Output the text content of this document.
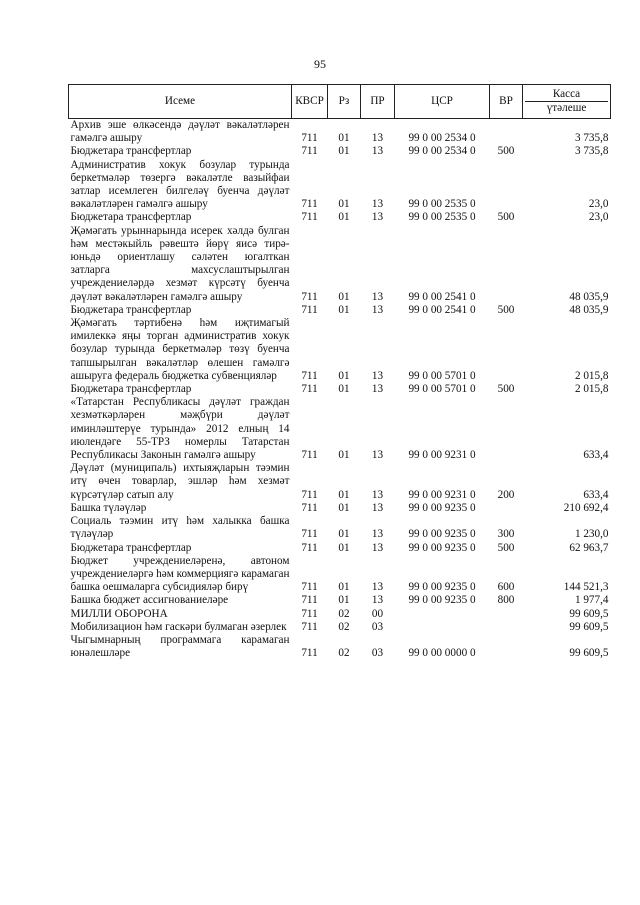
95
Исеме	КВСР	Рз	ПР	ЦСР	ВР	Касса
үтәлеше

Архив эше өлкәсендә дәүләт вәкаләтләрен гамәлгә ашыру	711	01	13	99 0 00 2534 0		3 735,8
Бюджетара трансфертлар	711	01	13	99 0 00 2534 0	500	3 735,8
Административ хокук бозулар турында беркетмәләр төзергә вәкаләтле вазыйфаи затлар исемлеген билгеләү буенча дәүләт вәкаләтләрен гамәлгә ашыру	711	01	13	99 0 00 2535 0		23,0
Бюджетара трансфертлар	711	01	13	99 0 00 2535 0	500	23,0
Җәмәгать урыннарында исерек хәлдә булган һәм местәкыйль рәвештә йөрү яисә тирә-юньдә ориентлашу сәләтен югалткан затларга махсуслаштырылган учреждениеләрдә хезмәт күрсәтү буенча дәүләт вәкаләтләрен гамәлгә ашыру	711	01	13	99 0 00 2541 0		48 035,9
Бюджетара трансфертлар	711	01	13	99 0 00 2541 0	500	48 035,9
Җәмәгать тәртибенә һәм иҗтимагый имилеккә яңы торган административ хокук бозулар турында беркетмәләр төзү буенча тапшырылган вәкаләтләр өлешен гамәлгә ашыруга федераль бюджетка субвенцияләр	711	01	13	99 0 00 5701 0		2 015,8
Бюджетара трансфертлар	711	01	13	99 0 00 5701 0	500	2 015,8
«Татарстан Республикасы дәүләт граждан хезмәткәрләрен мәҗбүри дәүләт иминләштерүе турында» 2012 елның 14 июлендәге 55-ТРЗ номерлы Татарстан Республикасы Законын гамәлгә ашыру	711	01	13	99 0 00 9231 0		633,4
Дәүләт (муниципаль) ихтыяҗларын тәэмин итү өчен товарлар, эшләр һәм хезмәт күрсәтүләр сатып алу	711	01	13	99 0 00 9231 0	200	633,4
Башка түләүләр	711	01	13	99 0 00 9235 0		210 692,4
Социаль тәэмин итү һәм халыкка башка түләүләр	711	01	13	99 0 00 9235 0	300	1 230,0
Бюджетара трансфертлар	711	01	13	99 0 00 9235 0	500	62 963,7
Бюджет учреждениеләренә, автоном учреждениеләргә һәм коммерциягә карамаган башка оешмаларга субсидияләр бирү	711	01	13	99 0 00 9235 0	600	144 521,3
Башка бюджет ассигнованиеләре	711	01	13	99 0 00 9235 0	800	1 977,4
МИЛЛИ ОБОРОНА	711	02	00			99 609,5
Мобилизацион һәм гаскәри булмаган әзерлек	711	02	03			99 609,5
Чыгымнарның программага карамаган юнәлешләре	711	02	03	99 0 00 0000 0		99 609,5
